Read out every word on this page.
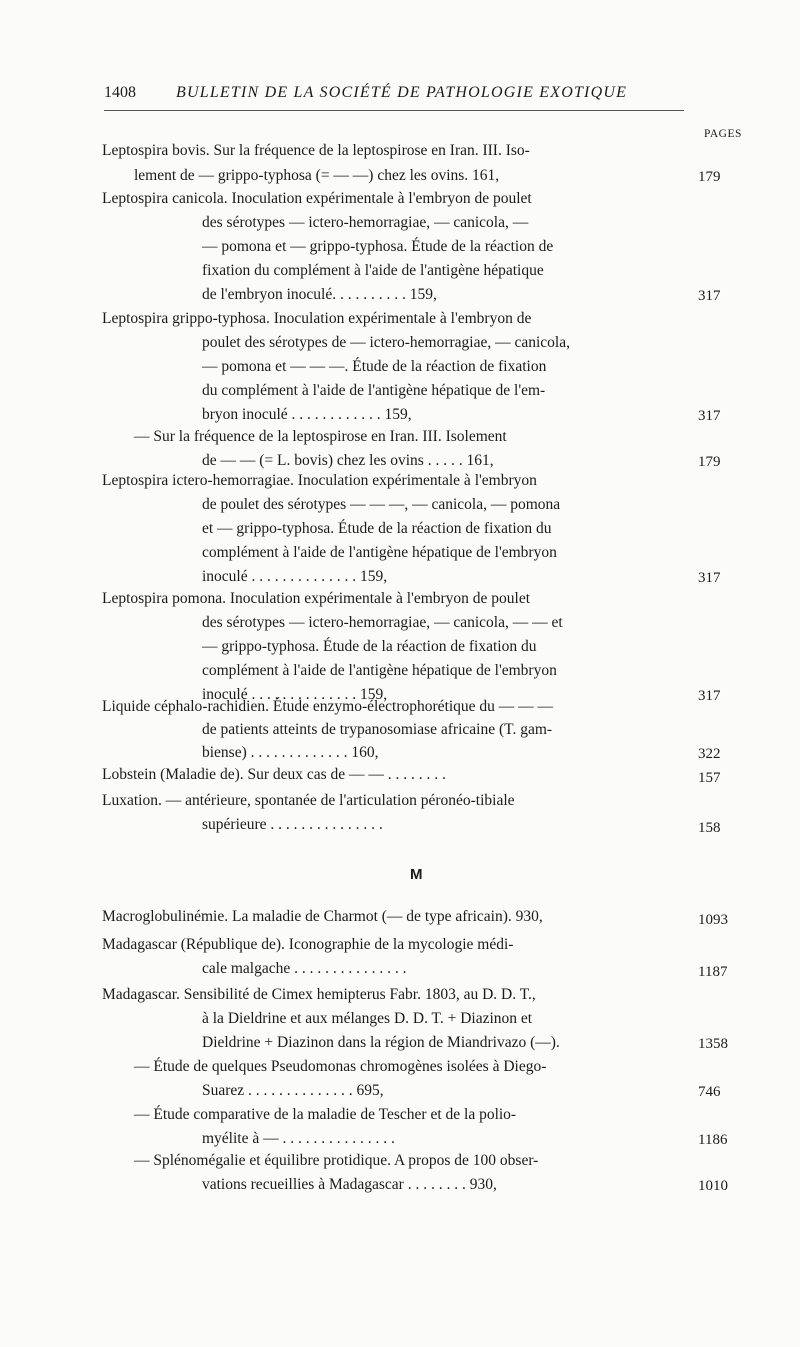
1408	BULLETIN DE LA SOCIÉTÉ DE PATHOLOGIE EXOTIQUE
PAGES
Leptospira bovis. Sur la fréquence de la leptospirose en Iran. III. Iso-
lement de — grippo-typhosa (= — —) chez les ovins. 161,	179
Leptospira canicola. Inoculation expérimentale à l'embryon de poulet
des sérotypes — ictero-hemorragiae, — canicola, —
— pomona et — grippo-typhosa. Étude de la réaction de
fixation du complément à l'aide de l'antigène hépatique
de l'embryon inoculé. . . . . . . . . . 159,	317
Leptospira grippo-typhosa. Inoculation expérimentale à l'embryon de
poulet des sérotypes de — ictero-hemorragiae, — canicola,
— pomona et — — —. Étude de la réaction de fixation
du complément à l'aide de l'antigène hépatique de l'em-
bryon inoculé . . . . . . . . . . . . 159,	317
— Sur la fréquence de la leptospirose en Iran. III. Isolement
de — — (= L. bovis) chez les ovins . . . . . 161,	179
Leptospira ictero-hemorragiae. Inoculation expérimentale à l'embryon
de poulet des sérotypes — — —, — canicola, — pomona
et — grippo-typhosa. Étude de la réaction de fixation du
complément à l'aide de l'antigène hépatique de l'embryon
inoculé . . . . . . . . . . . . . . 159,	317
Leptospira pomona. Inoculation expérimentale à l'embryon de poulet
des sérotypes — ictero-hemorragiae, — canicola, — — et
— grippo-typhosa. Étude de la réaction de fixation du
complément à l'aide de l'antigène hépatique de l'embryon
inoculé . . . . . . . . . . . . . . 159,	317
Liquide céphalo-rachidien. Étude enzymo-électrophorétique du — — —
de patients atteints de trypanosomiase africaine (T. gam-
biense) . . . . . . . . . . . . . 160,	322
Lobstein (Maladie de). Sur deux cas de — — . . . . . . . .	157
Luxation. — antérieure, spontanée de l'articulation péronéo-tibiale
supérieure . . . . . . . . . . . . . . .	158
M
Macroglobulinémie. La maladie de Charmot (— de type africain). 930,	1093
Madagascar (République de). Iconographie de la mycologie médi-
cale malgache . . . . . . . . . . . . . . .	1187
Madagascar. Sensibilité de Cimex hemipterus Fabr. 1803, au D. D. T.,
à la Dieldrine et aux mélanges D. D. T. + Diazinon et
Dieldrine + Diazinon dans la région de Miandrivazo (—).	1358
— Étude de quelques Pseudomonas chromogènes isolées à Diego-
Suarez . . . . . . . . . . . . . . 695,	746
— Étude comparative de la maladie de Tescher et de la polio-
myélite à — . . . . . . . . . . . . . . .	1186
— Splénomégalie et équilibre protidique. A propos de 100 obser-
vations recueillies à Madagascar . . . . . . . . 930,	1010
